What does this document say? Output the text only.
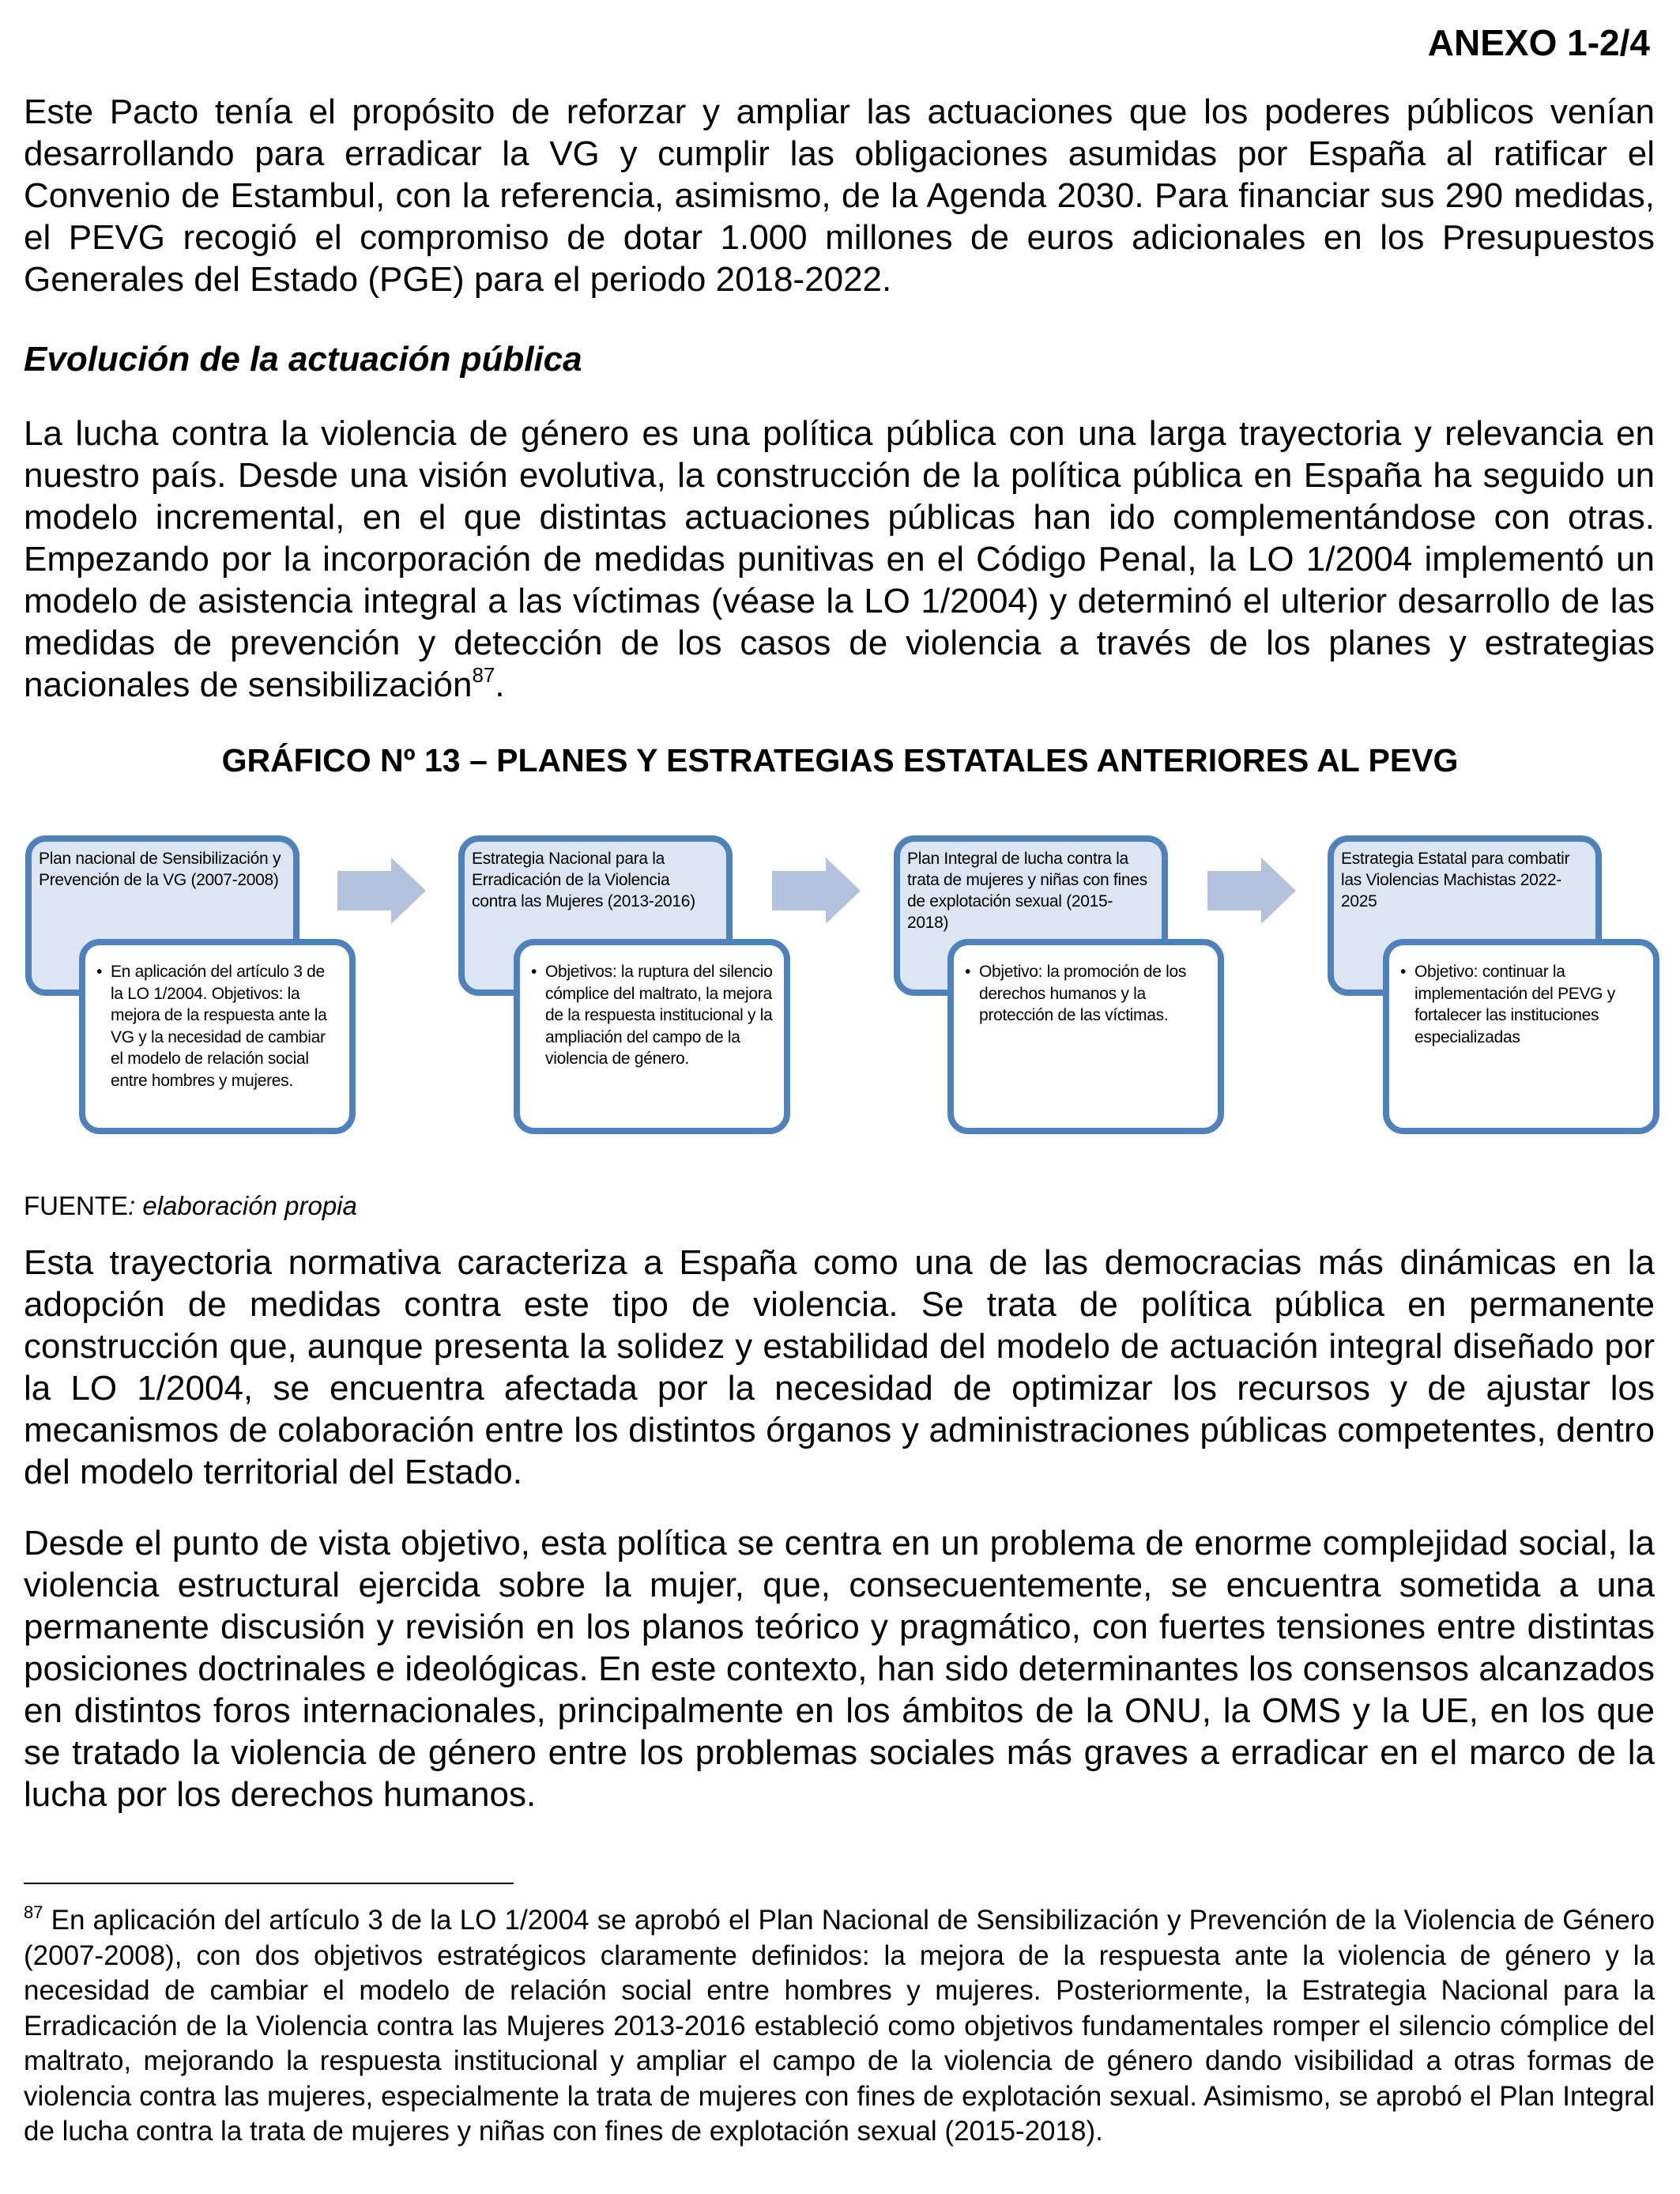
ANEXO 1-2/4

Este Pacto tenía el propósito de reforzar y ampliar las actuaciones que los poderes públicos venían desarrollando para erradicar la VG y cumplir las obligaciones asumidas por España al ratificar el Convenio de Estambul, con la referencia, asimismo, de la Agenda 2030. Para financiar sus 290 medidas, el PEVG recogió el compromiso de dotar 1.000 millones de euros adicionales en los Presupuestos Generales del Estado (PGE) para el periodo 2018-2022.

Evolución de la actuación pública

La lucha contra la violencia de género es una política pública con una larga trayectoria y relevancia en nuestro país. Desde una visión evolutiva, la construcción de la política pública en España ha seguido un modelo incremental, en el que distintas actuaciones públicas han ido complementándose con otras. Empezando por la incorporación de medidas punitivas en el Código Penal, la LO 1/2004 implementó un modelo de asistencia integral a las víctimas (véase la LO 1/2004) y determinó el ulterior desarrollo de las medidas de prevención y detección de los casos de violencia a través de los planes y estrategias nacionales de sensibilización$^{87}$.

GRÁFICO Nº 13 – PLANES Y ESTRATEGIAS ESTATALES ANTERIORES AL PEVG
Plan nacional de Sensibilización y Prevención de la VG (2007-2008)
• En aplicación del artículo 3 de la LO 1/2004. Objetivos: la mejora de la respuesta ante la VG y la necesidad de cambiar el modelo de relación social entre hombres y mujeres.
Estrategia Nacional para la Erradicación de la Violencia contra las Mujeres (2013-2016)
• Objetivos: la ruptura del silencio cómplice del maltrato, la mejora de la respuesta institucional y la ampliación del campo de la violencia de género.
Plan Integral de lucha contra la trata de mujeres y niñas con fines de explotación sexual (2015-2018)
• Objetivo: la promoción de los derechos humanos y la protección de las víctimas.
Estrategia Estatal para combatir las Violencias Machistas 2022-2025
• Objetivo: continuar la implementación del PEVG y fortalecer las instituciones especializadas
FUENTE: elaboración propia

Esta trayectoria normativa caracteriza a España como una de las democracias más dinámicas en la adopción de medidas contra este tipo de violencia. Se trata de política pública en permanente construcción que, aunque presenta la solidez y estabilidad del modelo de actuación integral diseñado por la LO 1/2004, se encuentra afectada por la necesidad de optimizar los recursos y de ajustar los mecanismos de colaboración entre los distintos órganos y administraciones públicas competentes, dentro del modelo territorial del Estado.

Desde el punto de vista objetivo, esta política se centra en un problema de enorme complejidad social, la violencia estructural ejercida sobre la mujer, que, consecuentemente, se encuentra sometida a una permanente discusión y revisión en los planos teórico y pragmático, con fuertes tensiones entre distintas posiciones doctrinales e ideológicas. En este contexto, han sido determinantes los consensos alcanzados en distintos foros internacionales, principalmente en los ámbitos de la ONU, la OMS y la UE, en los que se tratado la violencia de género entre los problemas sociales más graves a erradicar en el marco de la lucha por los derechos humanos.

$^{87}$ En aplicación del artículo 3 de la LO 1/2004 se aprobó el Plan Nacional de Sensibilización y Prevención de la Violencia de Género (2007-2008), con dos objetivos estratégicos claramente definidos: la mejora de la respuesta ante la violencia de género y la necesidad de cambiar el modelo de relación social entre hombres y mujeres. Posteriormente, la Estrategia Nacional para la Erradicación de la Violencia contra las Mujeres 2013-2016 estableció como objetivos fundamentales romper el silencio cómplice del maltrato, mejorando la respuesta institucional y ampliar el campo de la violencia de género dando visibilidad a otras formas de violencia contra las mujeres, especialmente la trata de mujeres con fines de explotación sexual. Asimismo, se aprobó el Plan Integral de lucha contra la trata de mujeres y niñas con fines de explotación sexual (2015-2018).
